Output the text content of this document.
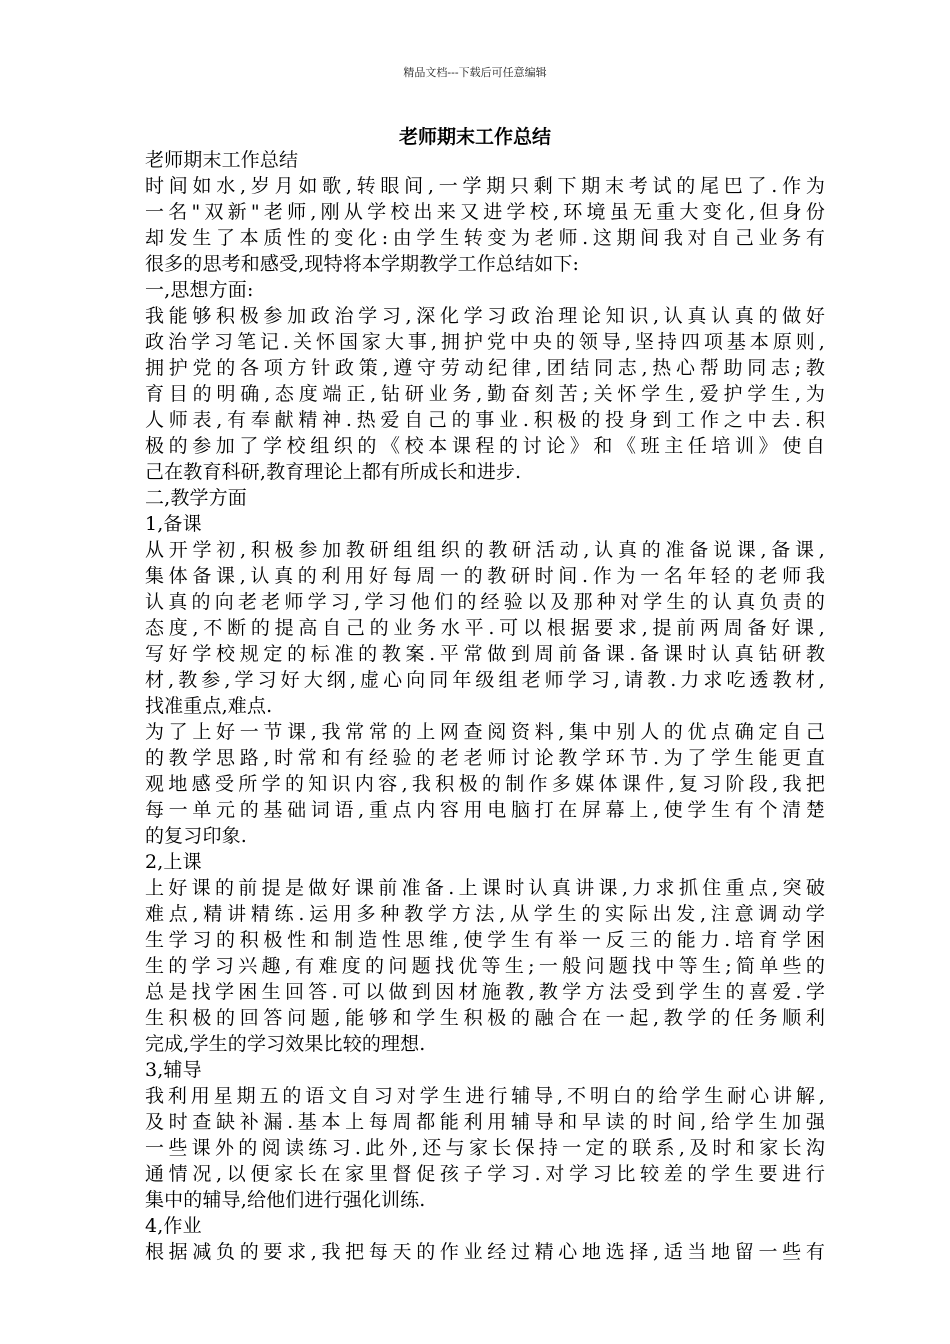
精品文档---下载后可任意编辑
老师期末工作总结
老师期末工作总结
时间如水,岁月如歌,转眼间,一学期只剩下期末考试的尾巴了.作为
一名"双新"老师,刚从学校出来又进学校,环境虽无重大变化,但身份
却发生了本质性的变化:由学生转变为老师.这期间我对自己业务有
很多的思考和感受,现特将本学期教学工作总结如下:
一,思想方面:
我能够积极参加政治学习,深化学习政治理论知识,认真认真的做好
政治学习笔记.关怀国家大事,拥护党中央的领导,坚持四项基本原则,
拥护党的各项方针政策,遵守劳动纪律,团结同志,热心帮助同志;教
育目的明确,态度端正,钻研业务,勤奋刻苦;关怀学生,爱护学生,为
人师表,有奉献精神.热爱自己的事业.积极的投身到工作之中去.积
极的参加了学校组织的《校本课程的讨论》和《班主任培训》使自
己在教育科研,教育理论上都有所成长和进步.
二,教学方面
1,备课
从开学初,积极参加教研组组织的教研活动,认真的准备说课,备课,
集体备课,认真的利用好每周一的教研时间.作为一名年轻的老师我
认真的向老老师学习,学习他们的经验以及那种对学生的认真负责的
态度,不断的提高自己的业务水平.可以根据要求,提前两周备好课,
写好学校规定的标准的教案.平常做到周前备课.备课时认真钻研教
材,教参,学习好大纲,虚心向同年级组老师学习,请教.力求吃透教材,
找准重点,难点.
为了上好一节课,我常常的上网查阅资料,集中别人的优点确定自己
的教学思路,时常和有经验的老老师讨论教学环节.为了学生能更直
观地感受所学的知识内容,我积极的制作多媒体课件,复习阶段,我把
每一单元的基础词语,重点内容用电脑打在屏幕上,使学生有个清楚
的复习印象.
2,上课
上好课的前提是做好课前准备.上课时认真讲课,力求抓住重点,突破
难点,精讲精练.运用多种教学方法,从学生的实际出发,注意调动学
生学习的积极性和制造性思维,使学生有举一反三的能力.培育学困
生的学习兴趣,有难度的问题找优等生;一般问题找中等生;简单些的
总是找学困生回答.可以做到因材施教,教学方法受到学生的喜爱.学
生积极的回答问题,能够和学生积极的融合在一起,教学的任务顺利
完成,学生的学习效果比较的理想.
3,辅导
我利用星期五的语文自习对学生进行辅导,不明白的给学生耐心讲解,
及时查缺补漏.基本上每周都能利用辅导和早读的时间,给学生加强
一些课外的阅读练习.此外,还与家长保持一定的联系,及时和家长沟
通情况,以便家长在家里督促孩子学习.对学习比较差的学生要进行
集中的辅导,给他们进行强化训练.
4,作业
根据减负的要求,我把每天的作业经过精心地选择,适当地留一些有
